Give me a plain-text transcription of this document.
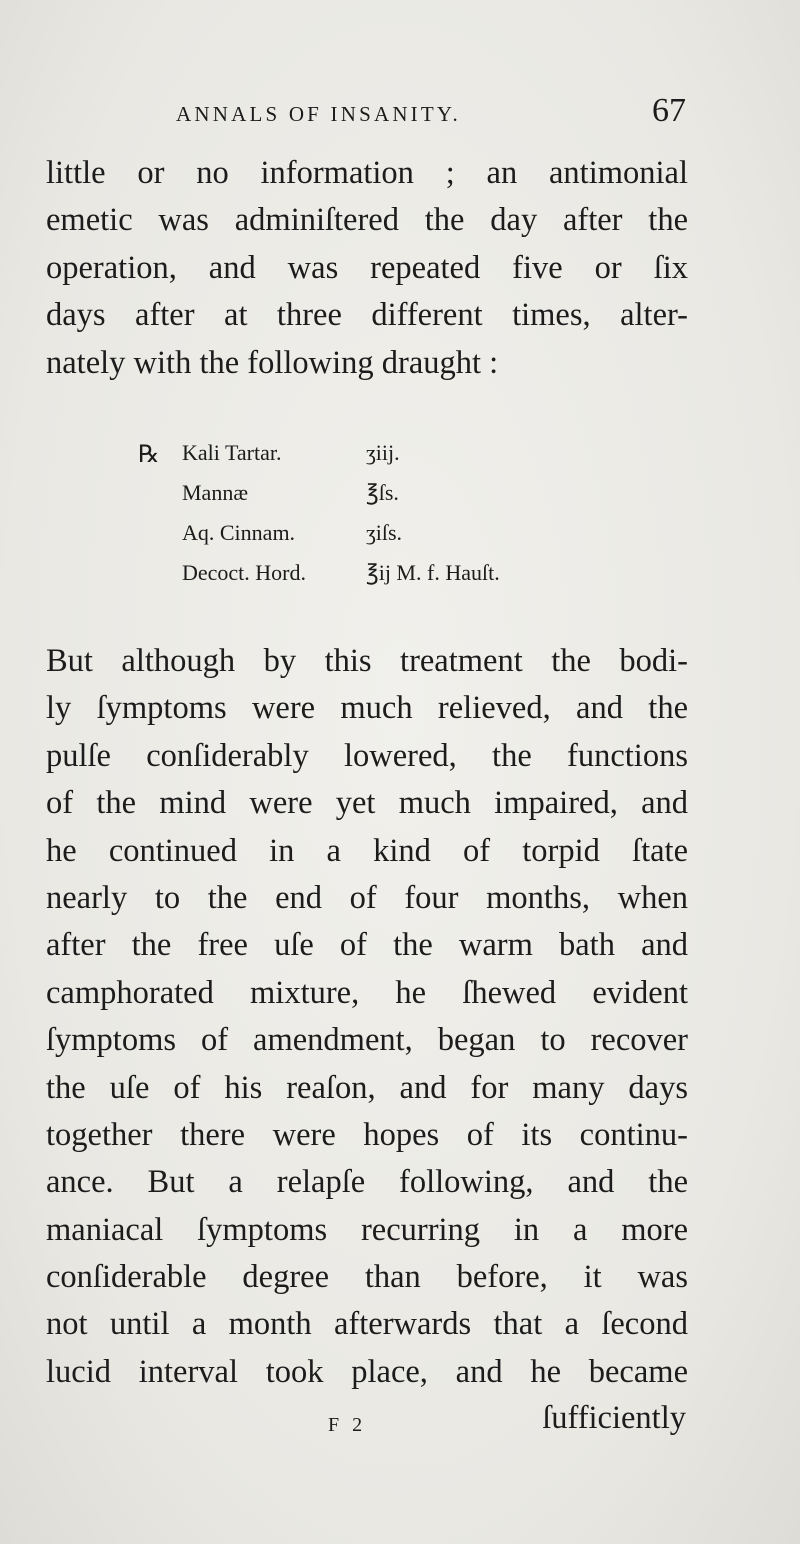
ANNALS OF INSANITY.	67
little or no information ; an antimonial
emetic was adminiſtered the day after the
operation, and was repeated five or ſix
days after at three different times, alter-
nately with the following draught :
℞ Kali Tartar.	ʒiij.
Mannæ	℥ſs.
Aq. Cinnam.	ʒiſs.
Decoct. Hord.	℥ij M. f. Hauſt.
But although by this treatment the bodi-
ly ſymptoms were much relieved, and the
pulſe conſiderably lowered, the functions
of the mind were yet much impaired, and
he continued in a kind of torpid ſtate
nearly to the end of four months, when
after the free uſe of the warm bath and
camphorated mixture, he ſhewed evident
ſymptoms of amendment, began to recover
the uſe of his reaſon, and for many days
together there were hopes of its continu-
ance. But a relapſe following, and the
maniacal ſymptoms recurring in a more
conſiderable degree than before, it was
not until a month afterwards that a ſecond
lucid interval took place, and he became
F 2	ſufficiently
